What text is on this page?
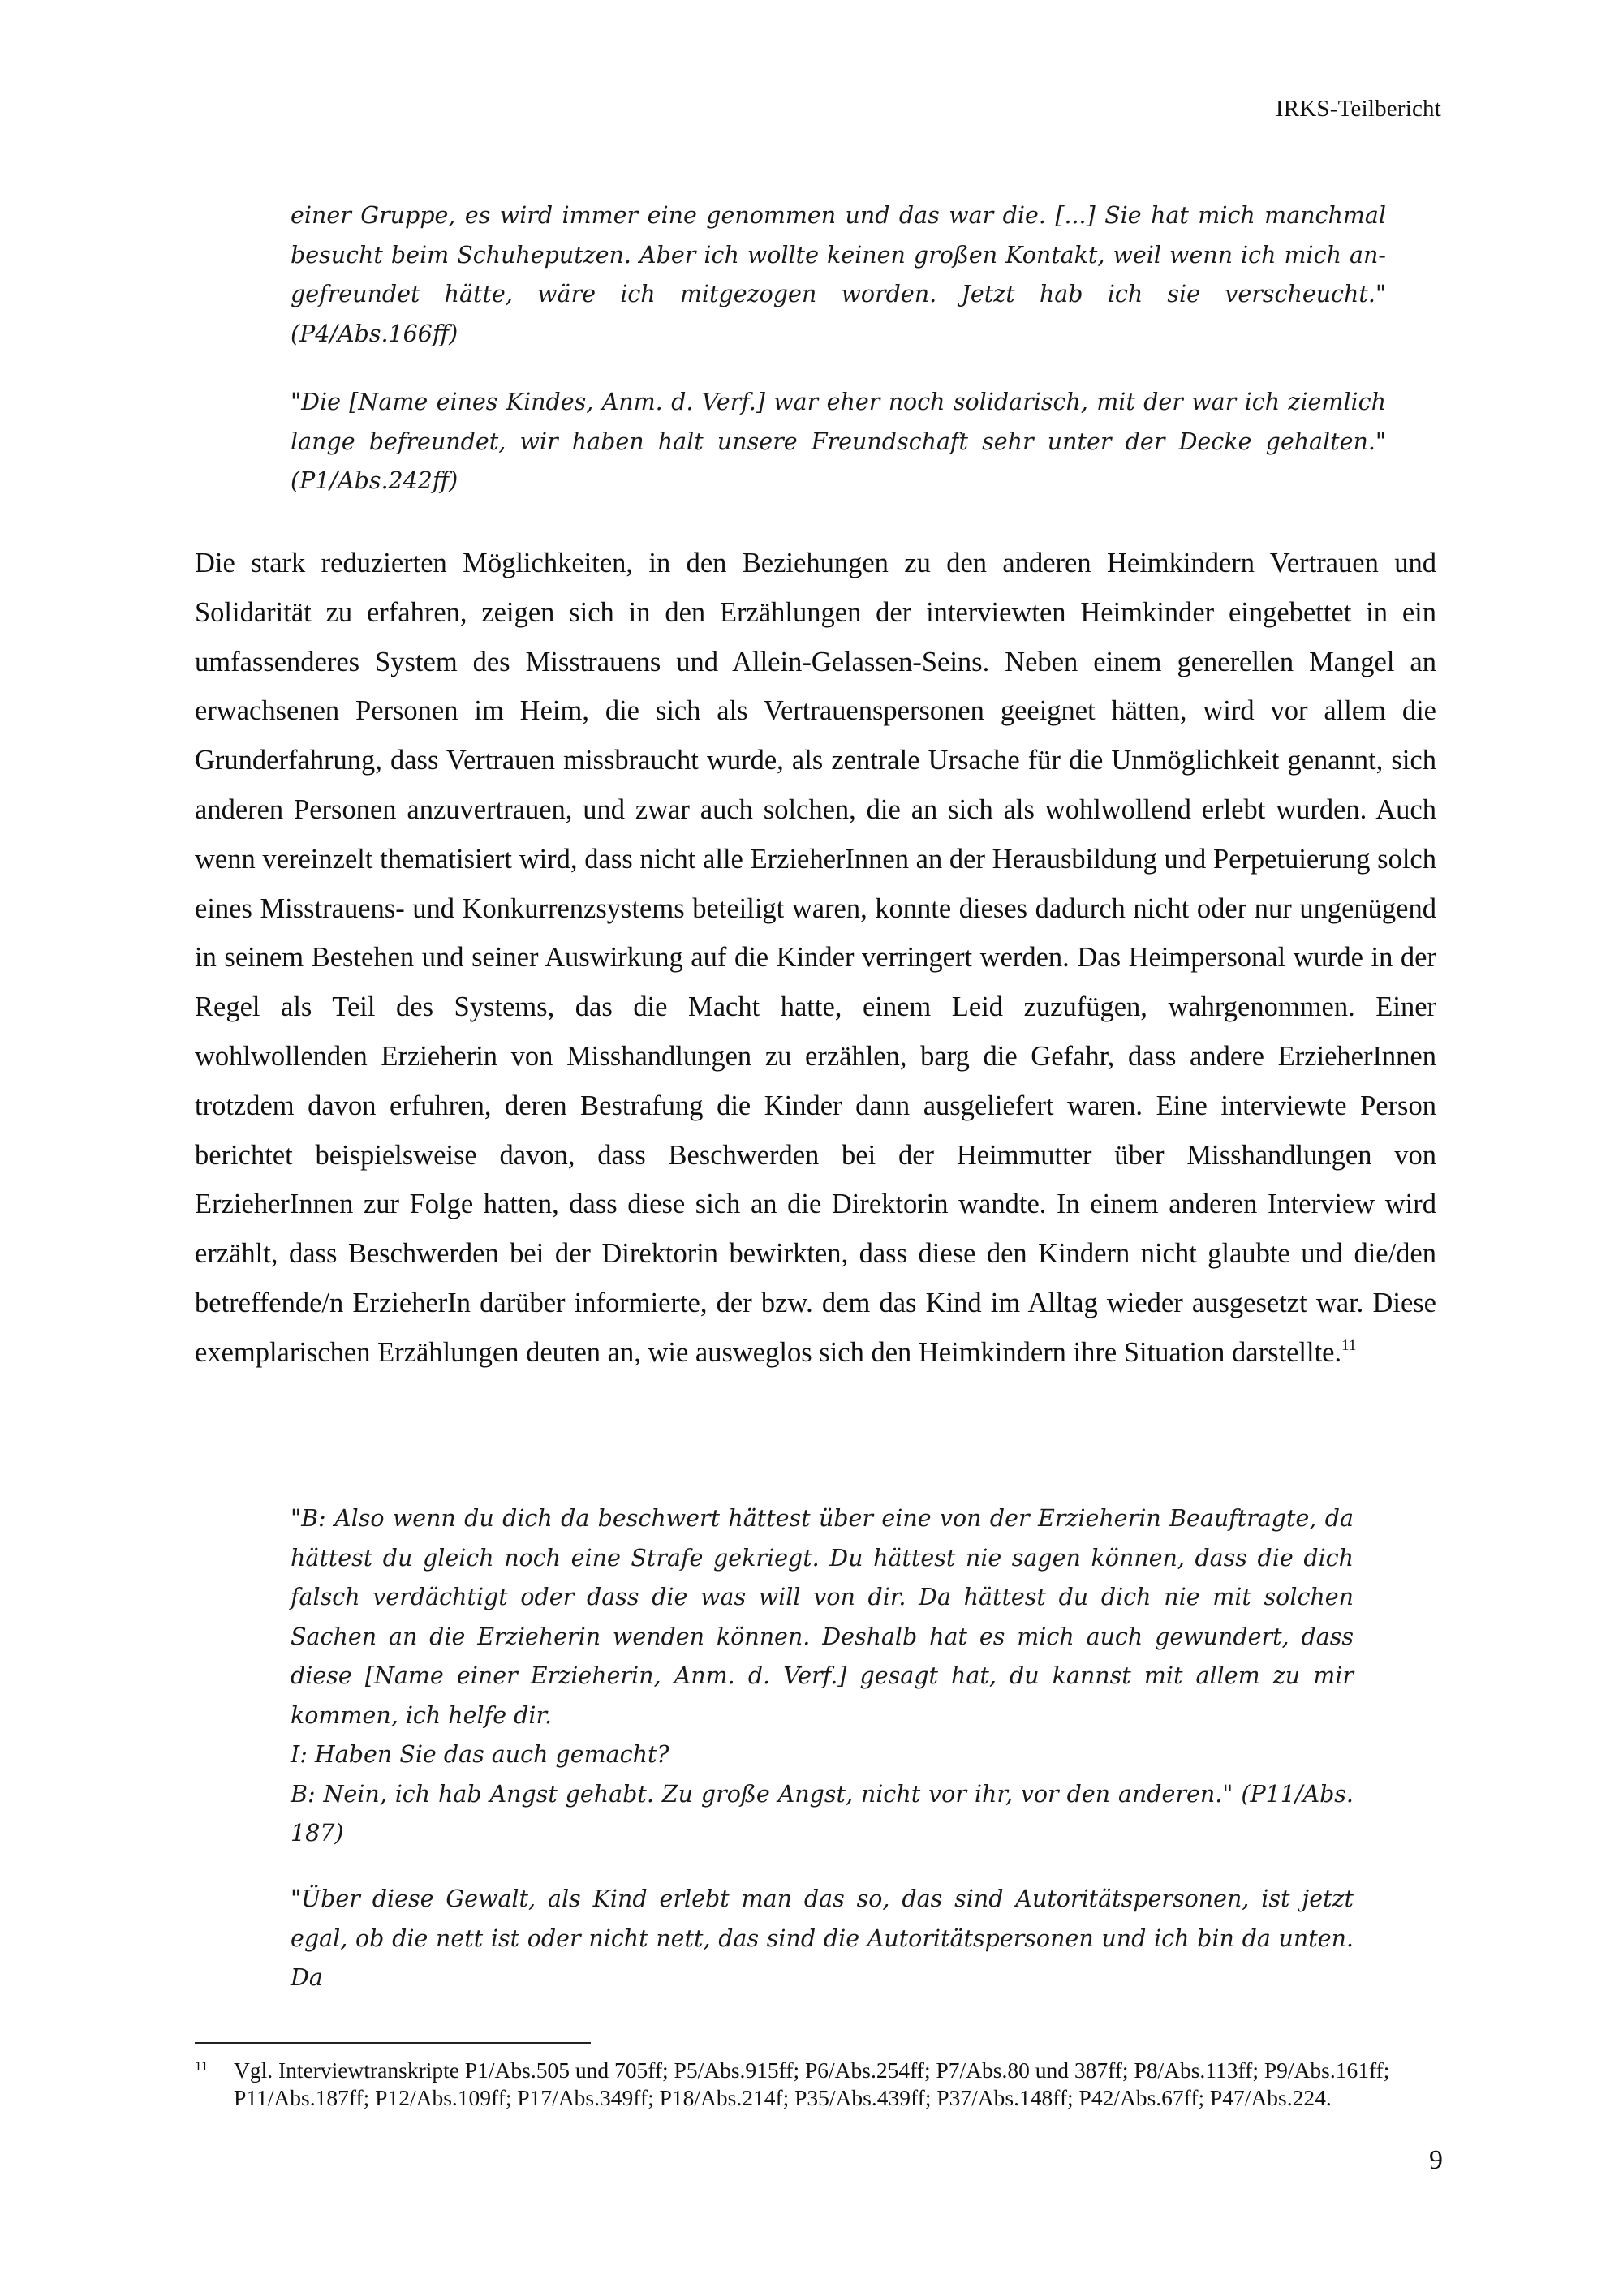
IRKS-Teilbericht

einer Gruppe, es wird immer eine genommen und das war die. [...] Sie hat mich manchmal besucht beim Schuheputzen. Aber ich wollte keinen großen Kontakt, weil wenn ich mich angefreundet hätte, wäre ich mitgezogen worden. Jetzt hab ich sie verscheucht." (P4/Abs.166ff)

"Die [Name eines Kindes, Anm. d. Verf.] war eher noch solidarisch, mit der war ich ziemlich lange befreundet, wir haben halt unsere Freundschaft sehr unter der Decke gehalten." (P1/Abs.242ff)

Die stark reduzierten Möglichkeiten, in den Beziehungen zu den anderen Heimkindern Vertrauen und Solidarität zu erfahren, zeigen sich in den Erzählungen der interviewten Heimkinder eingebettet in ein umfassenderes System des Misstrauens und Allein-Gelassen-Seins. Neben einem generellen Mangel an erwachsenen Personen im Heim, die sich als Vertrauenspersonen geeignet hätten, wird vor allem die Grunderfahrung, dass Vertrauen missbraucht wurde, als zentrale Ursache für die Unmöglichkeit genannt, sich anderen Personen anzuvertrauen, und zwar auch solchen, die an sich als wohlwollend erlebt wurden. Auch wenn vereinzelt thematisiert wird, dass nicht alle ErzieherInnen an der Herausbildung und Perpetuierung solch eines Misstrauens- und Konkurrenzsystems beteiligt waren, konnte dieses dadurch nicht oder nur ungenügend in seinem Bestehen und seiner Auswirkung auf die Kinder verringert werden. Das Heimpersonal wurde in der Regel als Teil des Systems, das die Macht hatte, einem Leid zuzufügen, wahrgenommen. Einer wohlwollenden Erzieherin von Misshandlungen zu erzählen, barg die Gefahr, dass andere ErzieherInnen trotzdem davon erfuhren, deren Bestrafung die Kinder dann ausgeliefert waren. Eine interviewte Person berichtet beispielsweise davon, dass Beschwerden bei der Heimmutter über Misshandlungen von ErzieherInnen zur Folge hatten, dass diese sich an die Direktorin wandte. In einem anderen Interview wird erzählt, dass Beschwerden bei der Direktorin bewirkten, dass diese den Kindern nicht glaubte und die/den betreffende/n ErzieherIn darüber informierte, der bzw. dem das Kind im Alltag wieder ausgesetzt war. Diese exemplarischen Erzählungen deuten an, wie ausweglos sich den Heimkindern ihre Situation darstellte.$^{11}$

"B: Also wenn du dich da beschwert hättest über eine von der Erzieherin Beauftragte, da hättest du gleich noch eine Strafe gekriegt. Du hättest nie sagen können, dass die dich falsch verdächtigt oder dass die was will von dir. Da hättest du dich nie mit solchen Sachen an die Erzieherin wenden können. Deshalb hat es mich auch gewundert, dass diese [Name einer Erzieherin, Anm. d. Verf.] gesagt hat, du kannst mit allem zu mir kommen, ich helfe dir.

I: Haben Sie das auch gemacht?

B: Nein, ich hab Angst gehabt. Zu große Angst, nicht vor ihr, vor den anderen." (P11/Abs. 187)

"Über diese Gewalt, als Kind erlebt man das so, das sind Autoritätspersonen, ist jetzt egal, ob die nett ist oder nicht nett, das sind die Autoritätspersonen und ich bin da unten. Da

11 Vgl. Interviewtranskripte P1/Abs.505 und 705ff; P5/Abs.915ff; P6/Abs.254ff; P7/Abs.80 und 387ff; P8/Abs.113ff; P9/Abs.161ff; P11/Abs.187ff; P12/Abs.109ff; P17/Abs.349ff; P18/Abs.214f; P35/Abs.439ff; P37/Abs.148ff; P42/Abs.67ff; P47/Abs.224.
9
